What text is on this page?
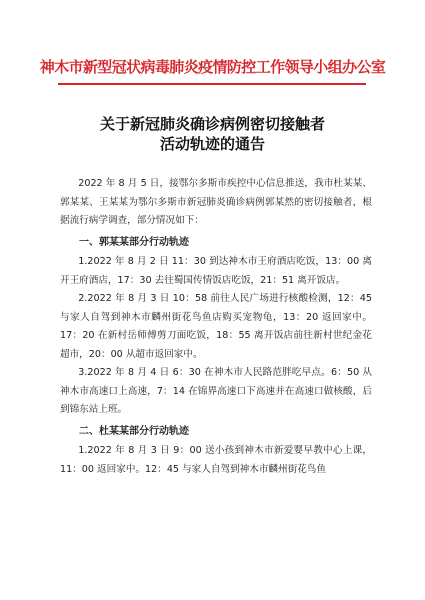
神木市新型冠状病毒肺炎疫情防控工作领导小组办公室
关于新冠肺炎确诊病例密切接触者
活动轨迹的通告

2022 年 8 月 5 日，接鄂尔多斯市疾控中心信息推送，我市杜某某、郭某某、王某某为鄂尔多斯市新冠肺炎确诊病例郭某然的密切接触者，根据流行病学调查，部分情况如下：

一、郭某某部分行动轨迹

1.2022 年 8 月 2 日 11：30 到达神木市王府酒店吃饭，13：00 离开王府酒店，17：30 去往蜀国传情饭店吃饭，21：51 离开饭店。

2.2022 年 8 月 3 日 10：58 前往人民广场进行核酸检测，12：45 与家人自驾到神木市麟州街花鸟鱼店购买宠物龟，13：20 返回家中。17：20 在新村岳师傅剪刀面吃饭，18：55 离开饭店前往新村世纪金花超市，20：00 从超市返回家中。

3.2022 年 8 月 4 日 6：30 在神木市人民路范胖吃早点。6：50 从神木市高速口上高速，7：14 在锦界高速口下高速并在高速口做核酸，后到锦东站上班。

二、杜某某部分行动轨迹

1.2022 年 8 月 3 日 9：00 送小孩到神木市新爱婴早教中心上课，11：00 返回家中。12：45 与家人自驾到神木市麟州街花鸟鱼
